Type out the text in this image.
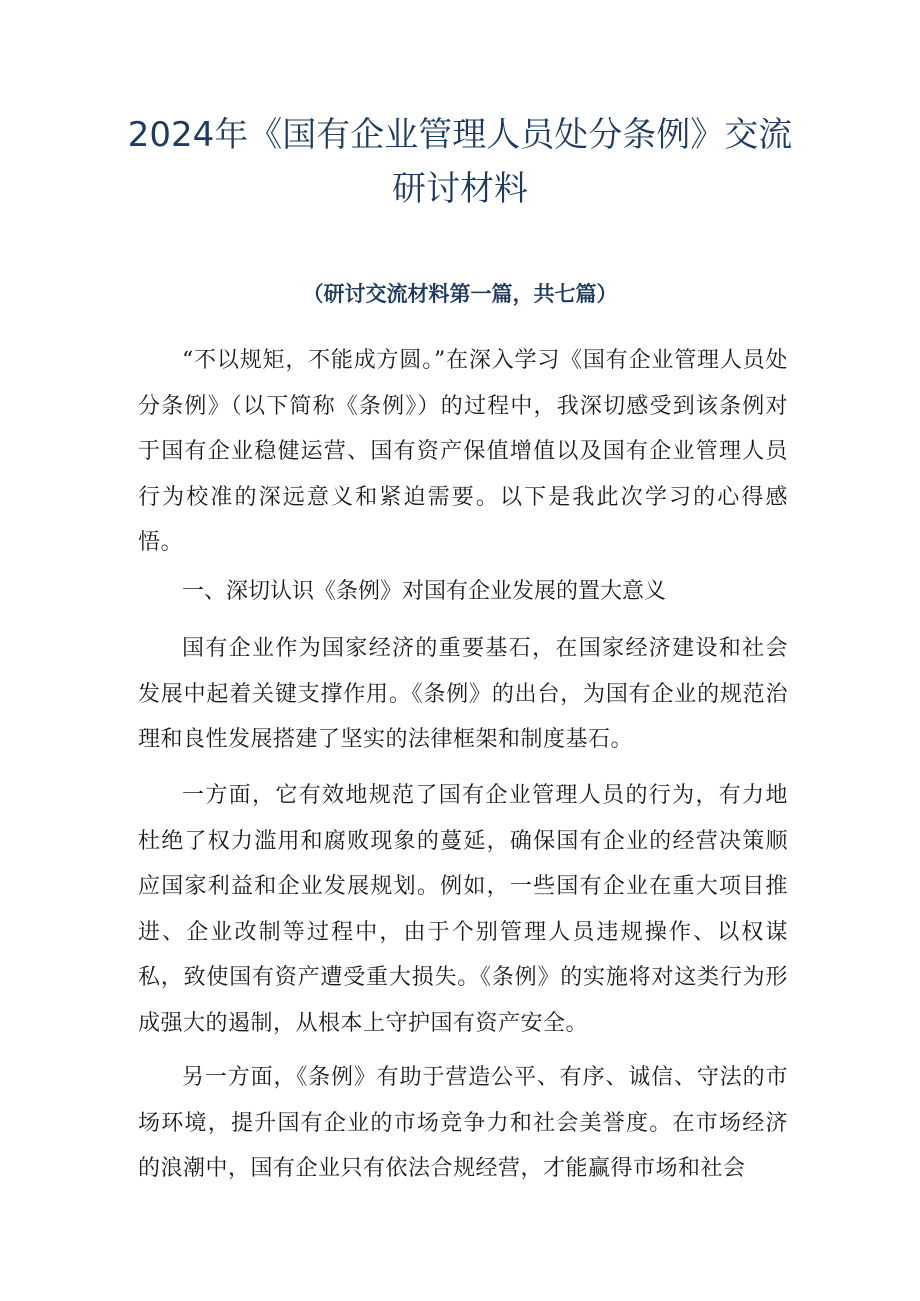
2024年《国有企业管理人员处分条例》交流研讨材料

（研讨交流材料第一篇，共七篇）

“不以规矩，不能成方圆。”在深入学习《国有企业管理人员处分条例》（以下简称《条例》）的过程中，我深切感受到该条例对于国有企业稳健运营、国有资产保值增值以及国有企业管理人员行为校准的深远意义和紧迫需要。以下是我此次学习的心得感悟。

一、深切认识《条例》对国有企业发展的置大意义

国有企业作为国家经济的重要基石，在国家经济建设和社会发展中起着关键支撑作用。《条例》的出台，为国有企业的规范治理和良性发展搭建了坚实的法律框架和制度基石。

一方面，它有效地规范了国有企业管理人员的行为，有力地杜绝了权力滥用和腐败现象的蔓延，确保国有企业的经营决策顺应国家利益和企业发展规划。例如，一些国有企业在重大项目推进、企业改制等过程中，由于个别管理人员违规操作、以权谋私，致使国有资产遭受重大损失。《条例》的实施将对这类行为形成强大的遏制，从根本上守护国有资产安全。

另一方面，《条例》有助于营造公平、有序、诚信、守法的市场环境，提升国有企业的市场竞争力和社会美誉度。在市场经济的浪潮中，国有企业只有依法合规经营，才能赢得市场和社会
